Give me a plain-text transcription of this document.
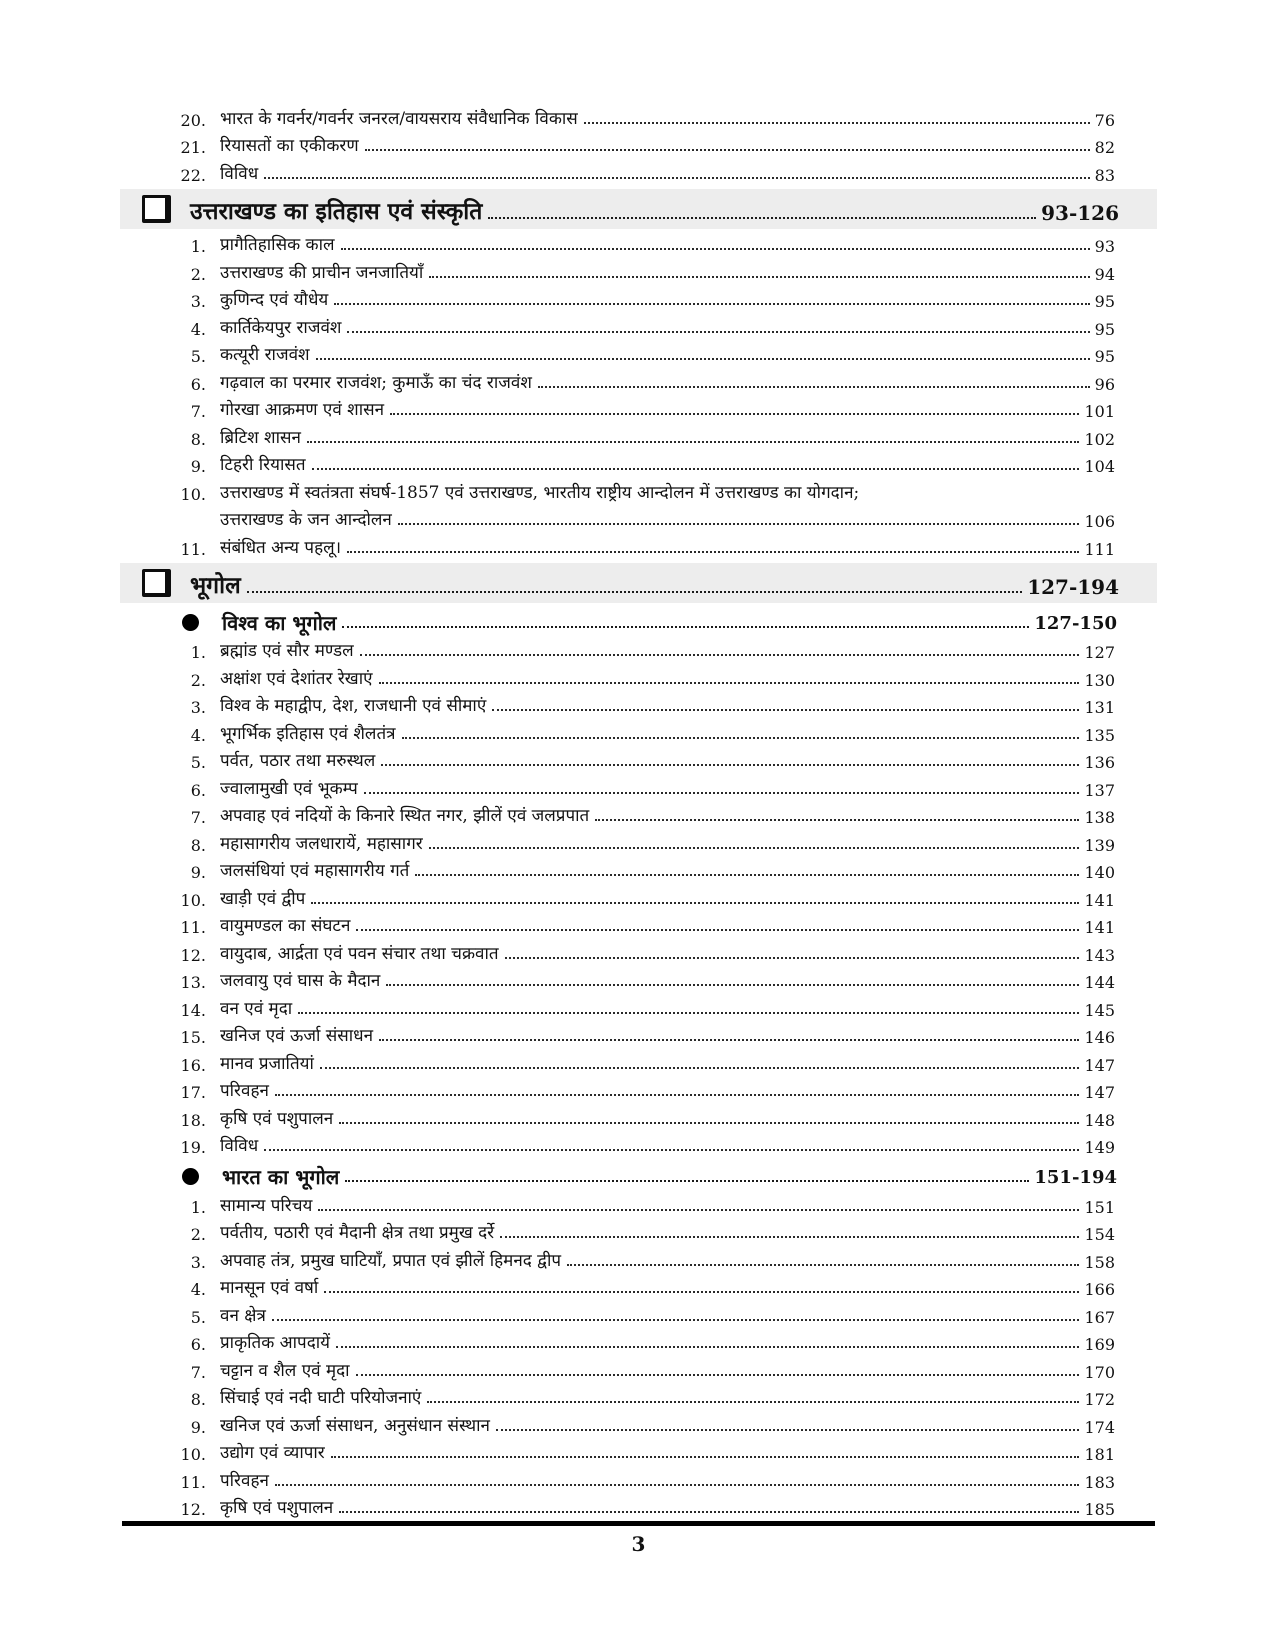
20. भारत के गवर्नर/गवर्नर जनरल/वायसराय संवैधानिक विकास	76
21. रियासतों का एकीकरण	82
22. विविध	83
उत्तराखण्ड का इतिहास एवं संस्कृति	93-126
1. प्रागैतिहासिक काल	93
2. उत्तराखण्ड की प्राचीन जनजातियाँ	94
3. कुणिन्द एवं यौधेय	95
4. कार्तिकेयपुर राजवंश	95
5. कत्यूरी राजवंश	95
6. गढ़वाल का परमार राजवंश; कुमाऊँ का चंद राजवंश	96
7. गोरखा आक्रमण एवं शासन	101
8. ब्रिटिश शासन	102
9. टिहरी रियासत	104
10. उत्तराखण्ड में स्वतंत्रता संघर्ष-1857 एवं उत्तराखण्ड, भारतीय राष्ट्रीय आन्दोलन में उत्तराखण्ड का योगदान;
उत्तराखण्ड के जन आन्दोलन	106
11. संबंधित अन्य पहलू।	111
भूगोल	127-194
विश्व का भूगोल	127-150
1. ब्रह्मांड एवं सौर मण्डल	127
2. अक्षांश एवं देशांतर रेखाएं	130
3. विश्व के महाद्वीप, देश, राजधानी एवं सीमाएं	131
4. भूगर्भिक इतिहास एवं शैलतंत्र	135
5. पर्वत, पठार तथा मरुस्थल	136
6. ज्वालामुखी एवं भूकम्प	137
7. अपवाह एवं नदियों के किनारे स्थित नगर, झीलें एवं जलप्रपात	138
8. महासागरीय जलधारायें, महासागर	139
9. जलसंधियां एवं महासागरीय गर्त	140
10. खाड़ी एवं द्वीप	141
11. वायुमण्डल का संघटन	141
12. वायुदाब, आर्द्रता एवं पवन संचार तथा चक्रवात	143
13. जलवायु एवं घास के मैदान	144
14. वन एवं मृदा	145
15. खनिज एवं ऊर्जा संसाधन	146
16. मानव प्रजातियां	147
17. परिवहन	147
18. कृषि एवं पशुपालन	148
19. विविध	149
भारत का भूगोल	151-194
1. सामान्य परिचय	151
2. पर्वतीय, पठारी एवं मैदानी क्षेत्र तथा प्रमुख दर्रे	154
3. अपवाह तंत्र, प्रमुख घाटियाँ, प्रपात एवं झीलें हिमनद द्वीप	158
4. मानसून एवं वर्षा	166
5. वन क्षेत्र	167
6. प्राकृतिक आपदायें	169
7. चट्टान व शैल एवं मृदा	170
8. सिंचाई एवं नदी घाटी परियोजनाएं	172
9. खनिज एवं ऊर्जा संसाधन, अनुसंधान संस्थान	174
10. उद्योग एवं व्यापार	181
11. परिवहन	183
12. कृषि एवं पशुपालन	185
3
